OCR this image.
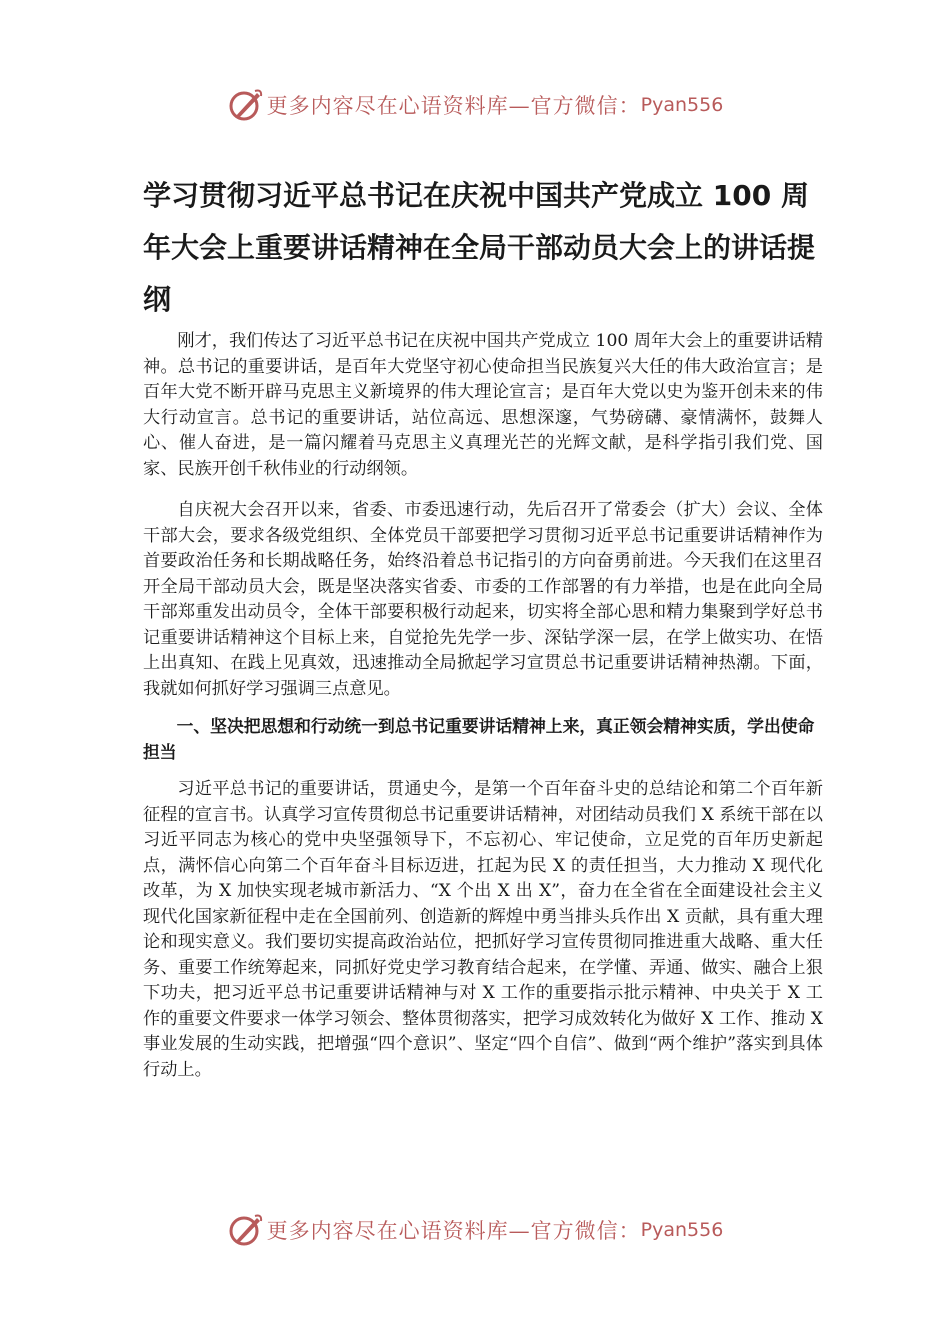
更多内容尽在心语资料库—官方微信： Pyan556
学习贯彻习近平总书记在庆祝中国共产党成立 100 周年大会上重要讲话精神在全局干部动员大会上的讲话提纲

刚才，我们传达了习近平总书记在庆祝中国共产党成立 100 周年大会上的重要讲话精神。总书记的重要讲话，是百年大党坚守初心使命担当民族复兴大任的伟大政治宣言；是百年大党不断开辟马克思主义新境界的伟大理论宣言；是百年大党以史为鉴开创未来的伟大行动宣言。总书记的重要讲话，站位高远、思想深邃，气势磅礴、豪情满怀，鼓舞人心、催人奋进，是一篇闪耀着马克思主义真理光芒的光辉文献，是科学指引我们党、国家、民族开创千秋伟业的行动纲领。

自庆祝大会召开以来，省委、市委迅速行动，先后召开了常委会（扩大）会议、全体干部大会，要求各级党组织、全体党员干部要把学习贯彻习近平总书记重要讲话精神作为首要政治任务和长期战略任务，始终沿着总书记指引的方向奋勇前进。今天我们在这里召开全局干部动员大会，既是坚决落实省委、市委的工作部署的有力举措，也是在此向全局干部郑重发出动员令，全体干部要积极行动起来，切实将全部心思和精力集聚到学好总书记重要讲话精神这个目标上来，自觉抢先先学一步、深钻学深一层，在学上做实功、在悟上出真知、在践上见真效，迅速推动全局掀起学习宣贯总书记重要讲话精神热潮。下面，我就如何抓好学习强调三点意见。

一、坚决把思想和行动统一到总书记重要讲话精神上来，真正领会精神实质，学出使命担当

习近平总书记的重要讲话，贯通史今，是第一个百年奋斗史的总结论和第二个百年新征程的宣言书。认真学习宣传贯彻总书记重要讲话精神，对团结动员我们 X 系统干部在以习近平同志为核心的党中央坚强领导下，不忘初心、牢记使命，立足党的百年历史新起点，满怀信心向第二个百年奋斗目标迈进，扛起为民 X 的责任担当，大力推动 X 现代化改革，为 X 加快实现老城市新活力、“X 个出 X 出 X”，奋力在全省在全面建设社会主义现代化国家新征程中走在全国前列、创造新的辉煌中勇当排头兵作出 X 贡献，具有重大理论和现实意义。我们要切实提高政治站位，把抓好学习宣传贯彻同推进重大战略、重大任务、重要工作统筹起来，同抓好党史学习教育结合起来，在学懂、弄通、做实、融合上狠下功夫，把习近平总书记重要讲话精神与对 X 工作的重要指示批示精神、中央关于 X 工作的重要文件要求一体学习领会、整体贯彻落实，把学习成效转化为做好 X 工作、推动 X 事业发展的生动实践，把增强“四个意识”、坚定“四个自信”、做到“两个维护”落实到具体行动上。

更多内容尽在心语资料库—官方微信： Pyan556
